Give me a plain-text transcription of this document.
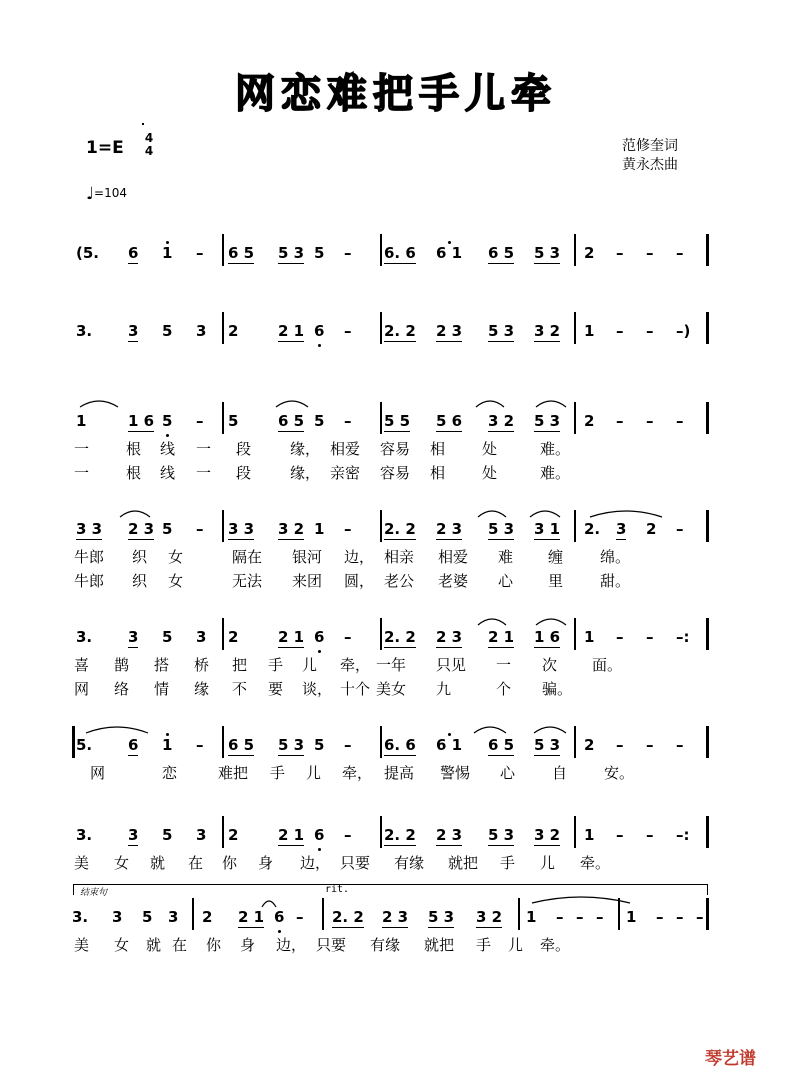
网恋难把手儿牵
1=E 4
4
♩=104
范修奎词
黄永杰曲
(5. 6 1 – 6 5 5 3 5 – 6. 6 6 1 6 5 5 3 2 – – –
3. 3 5 3 2	2 1 6 – 2. 2 2 3 5 3 3 2 1 – – –)
1	1 6 5 – 5	6 5 5 – 5 5 5 6 3 2 5 3 2 – – –
一 根 线 一 段	缘， 相爱 容易 相 处	难。
一 根 线 一 段	缘， 亲密 容易 相 处	难。
3 3 2 3 5 – 3 3 3 2 1 – 2. 2 2 3 5 3 3 1 2. 3 2 –
牛郎 织 女	隔在 银河 边， 相亲 相爱 难 缠 绵。
牛郎 织 女	无法 来团 圆， 老公 老婆 心 里 甜。
3. 3 5 3 2	2 1 6 – 2. 2 2 3 2 1 1 6 1 – – –:
喜 鹊 搭 桥 把 手 儿 牵， 一年 只见 一 次 面。
网 络 情 缘 不 要 谈， 十个 美女 九	个 骗。
5. 6 1 – 6 5 5 3 5 – 6. 6 6 1 6 5 5 3 2 – – –
网	恋	难把 手 儿 牵， 提高 警惕 心 自 安。
3. 3 5 3 2	2 1 6 – 2. 2 2 3 5 3 3 2 1 – – –:
美 女 就 在 你 身 边， 只要 有缘 就把 手 儿 牵。
3. 3 5 3 2 2 1 6 – 2. 2 2 3 5 3 3 2 1 – – – 1 – – –
美 女 就 在 你 身 边， 只要 有缘 就把 手 儿 牵。
结束句	rit.
琴艺谱
